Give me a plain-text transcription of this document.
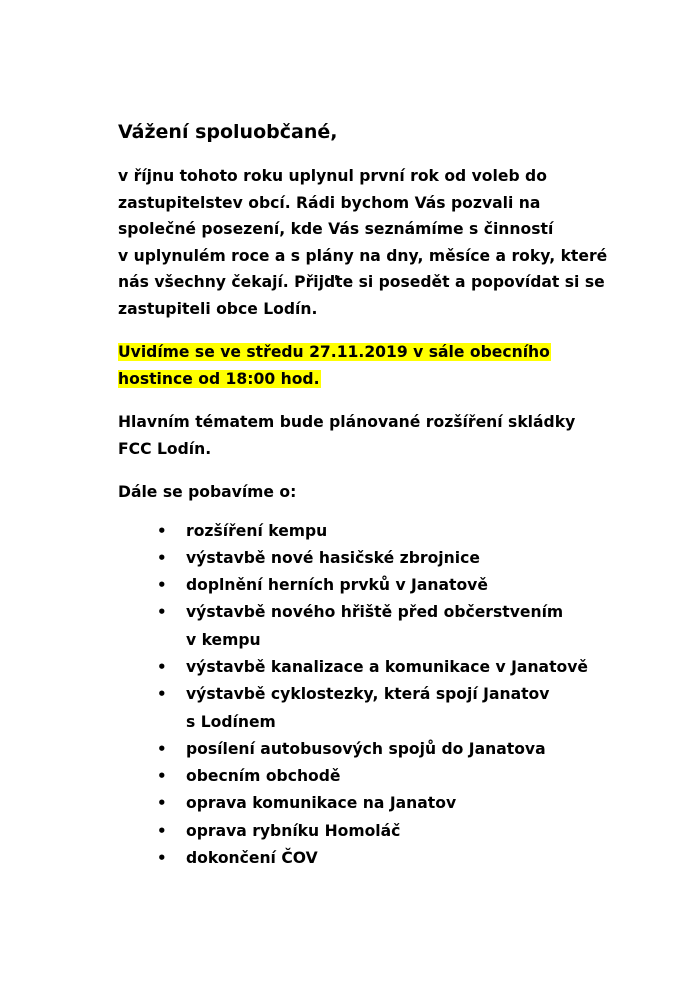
Vážení spoluobčané,
v říjnu tohoto roku uplynul první rok od voleb do
zastupitelstev obcí. Rádi bychom Vás pozvali na
společné posezení, kde Vás seznámíme s činností
v uplynulém roce a s plány na dny, měsíce a roky, které
nás všechny čekají. Přijďte si posedět a popovídat si se
zastupiteli obce Lodín.
Uvidíme se ve středu 27.11.2019 v sále obecního
hostince od 18:00 hod.
Hlavním tématem bude plánované rozšíření skládky
FCC Lodín.
Dále se pobavíme o:
• rozšíření kempu
• výstavbě nové hasičské zbrojnice
• doplnění herních prvků v Janatově
• výstavbě nového hřiště před občerstvením
v kempu
• výstavbě kanalizace a komunikace v Janatově
• výstavbě cyklostezky, která spojí Janatov
s Lodínem
• posílení autobusových spojů do Janatova
• obecním obchodě
• oprava komunikace na Janatov
• oprava rybníku Homoláč
• dokončení ČOV
